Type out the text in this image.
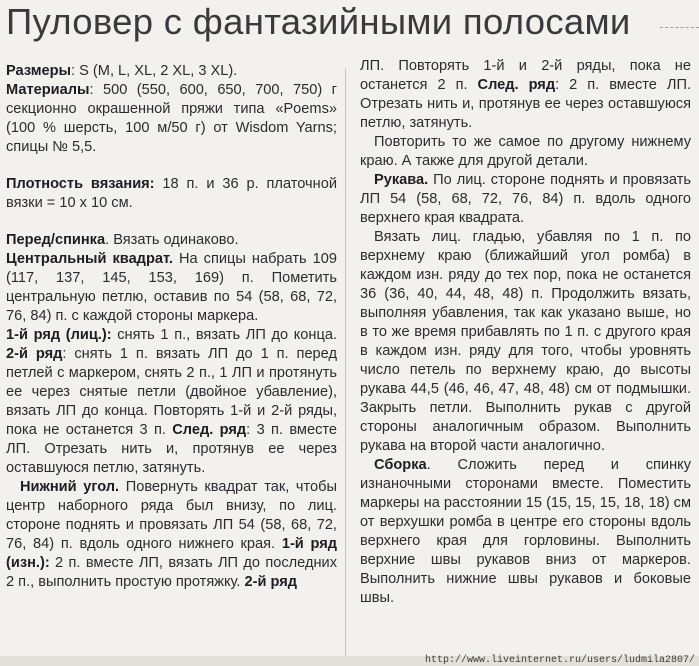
Пуловер с фантазийными полосами

Размеры: S (M, L, XL, 2 XL, 3 XL).
Материалы: 500 (550, 600, 650, 700, 750) г секционно окрашенной пряжи типа «Poems» (100 % шерсть, 100 м/50 г) от Wisdom Yarns; спицы № 5,5.

Плотность вязания: 18 п. и 36 р. платочной вязки = 10 х 10 см.

Перед/спинка. Вязать одинаково.
Центральный квадрат. На спицы набрать 109 (117, 137, 145, 153, 169) п. Пометить центральную петлю, оставив по 54 (58, 68, 72, 76, 84) п. с каждой стороны маркера.

1-й ряд (лиц.): снять 1 п., вязать ЛП до конца. 2-й ряд: снять 1 п. вязать ЛП до 1 п. перед петлей с маркером, снять 2 п., 1 ЛП и протянуть ее через снятые петли (двойное убавление), вязать ЛП до конца. Повторять 1-й и 2-й ряды, пока не останется 3 п. След. ряд: 3 п. вместе ЛП. Отрезать нить и, протянув ее через оставшуюся петлю, затянуть.

Нижний угол. Повернуть квадрат так, чтобы центр наборного ряда был внизу, по лиц. стороне поднять и провязать ЛП 54 (58, 68, 72, 76, 84) п. вдоль одного нижнего края. 1-й ряд (изн.): 2 п. вместе ЛП, вязать ЛП до последних 2 п., выполнить простую протяжку. 2-й ряд

ЛП. Повторять 1-й и 2-й ряды, пока не останется 2 п. След. ряд: 2 п. вместе ЛП. Отрезать нить и, протянув ее через оставшуюся петлю, затянуть.

Повторить то же самое по другому нижнему краю. А также для другой детали.

Рукава. По лиц. стороне поднять и провязать ЛП 54 (58, 68, 72, 76, 84) п. вдоль одного верхнего края квадрата.

Вязать лиц. гладью, убавляя по 1 п. по верхнему краю (ближайший угол ромба) в каждом изн. ряду до тех пор, пока не останется 36 (36, 40, 44, 48, 48) п. Продолжить вязать, выполняя убавления, так как указано выше, но в то же время прибавлять по 1 п. с другого края в каждом изн. ряду для того, чтобы уровнять число петель по верхнему краю, до высоты рукава 44,5 (46, 46, 47, 48, 48) см от подмышки. Закрыть петли. Выполнить рукав с другой стороны аналогичным образом. Выполнить рукава на второй части аналогично.

Сборка. Сложить перед и спинку изнаночными сторонами вместе. Поместить маркеры на расстоянии 15 (15, 15, 15, 18, 18) см от верхушки ромба в центре его стороны вдоль верхнего края для горловины. Выполнить верхние швы рукавов вниз от маркеров. Выполнить нижние швы рукавов и боковые швы.

http://www.liveinternet.ru/users/ludmila2807/
